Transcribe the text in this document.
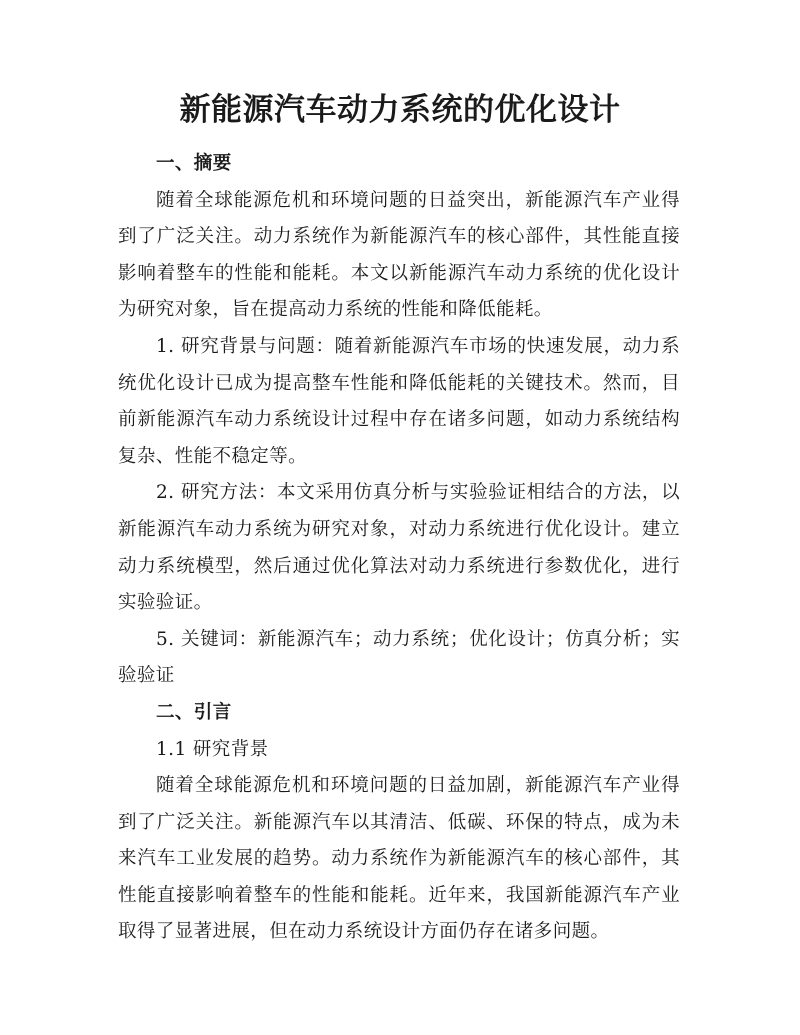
新能源汽车动力系统的优化设计

一、摘要

随着全球能源危机和环境问题的日益突出，新能源汽车产业得到了广泛关注。动力系统作为新能源汽车的核心部件，其性能直接影响着整车的性能和能耗。本文以新能源汽车动力系统的优化设计为研究对象，旨在提高动力系统的性能和降低能耗。

1. 研究背景与问题：随着新能源汽车市场的快速发展，动力系统优化设计已成为提高整车性能和降低能耗的关键技术。然而，目前新能源汽车动力系统设计过程中存在诸多问题，如动力系统结构复杂、性能不稳定等。

2. 研究方法：本文采用仿真分析与实验验证相结合的方法，以新能源汽车动力系统为研究对象，对动力系统进行优化设计。建立动力系统模型，然后通过优化算法对动力系统进行参数优化，进行实验验证。

5. 关键词：新能源汽车；动力系统；优化设计；仿真分析；实验验证

二、引言

1.1 研究背景

随着全球能源危机和环境问题的日益加剧，新能源汽车产业得到了广泛关注。新能源汽车以其清洁、低碳、环保的特点，成为未来汽车工业发展的趋势。动力系统作为新能源汽车的核心部件，其性能直接影响着整车的性能和能耗。近年来，我国新能源汽车产业取得了显著进展，但在动力系统设计方面仍存在诸多问题。
